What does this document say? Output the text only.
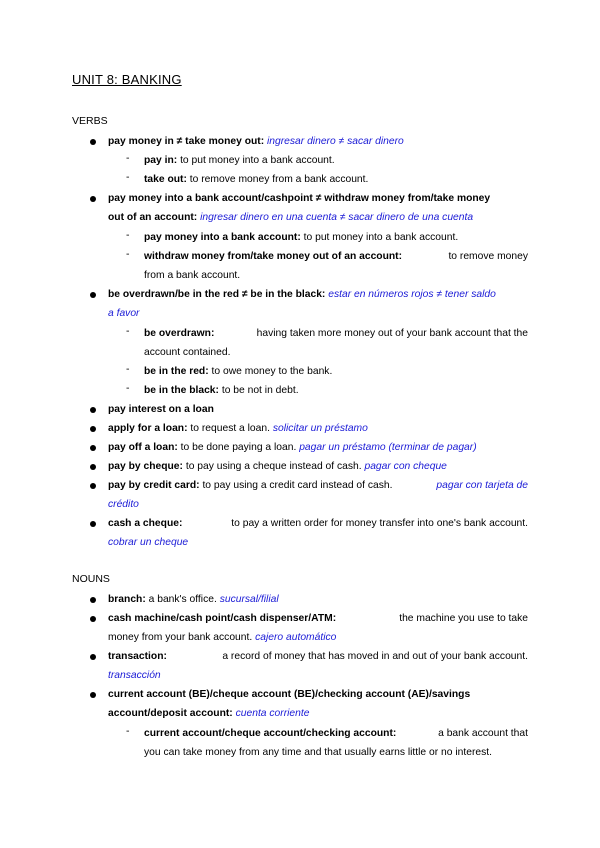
UNIT 8: BANKING
VERBS
pay money in ≠ take money out: ingresar dinero ≠ sacar dinero
- pay in: to put money into a bank account.
- take out: to remove money from a bank account.
pay money into a bank account/cashpoint ≠ withdraw money from/take money
out of an account: ingresar dinero en una cuenta ≠ sacar dinero de una cuenta
- pay money into a bank account: to put money into a bank account.
- withdraw money from/take money out of an account:	to remove money
from a bank account.
be overdrawn/be in the red ≠ be in the black: estar en números rojos ≠ tener saldo
a favor
- be overdrawn:	having taken more money out of your bank account that the
account contained.
- be in the red: to owe money to the bank.
- be in the black: to be not in debt.
pay interest on a loan
apply for a loan: to request a loan. solicitar un préstamo
pay off a loan: to be done paying a loan. pagar un préstamo (terminar de pagar)
pay by cheque: to pay using a cheque instead of cash. pagar con cheque
pay by credit card: to pay using a credit card instead of cash.	pagar con tarjeta de
crédito
cash a cheque:	to pay a written order for money transfer into one's bank account.
cobrar un cheque
NOUNS
branch: a bank's office. sucursal/filial
cash machine/cash point/cash dispenser/ATM:	the machine you use to take
money from your bank account. cajero automático
transaction:	a record of money that has moved in and out of your bank account.
transacción
current account (BE)/cheque account (BE)/checking account (AE)/savings
account/deposit account: cuenta corriente
- current account/cheque account/checking account:	a bank account that
you can take money from any time and that usually earns little or no interest.
